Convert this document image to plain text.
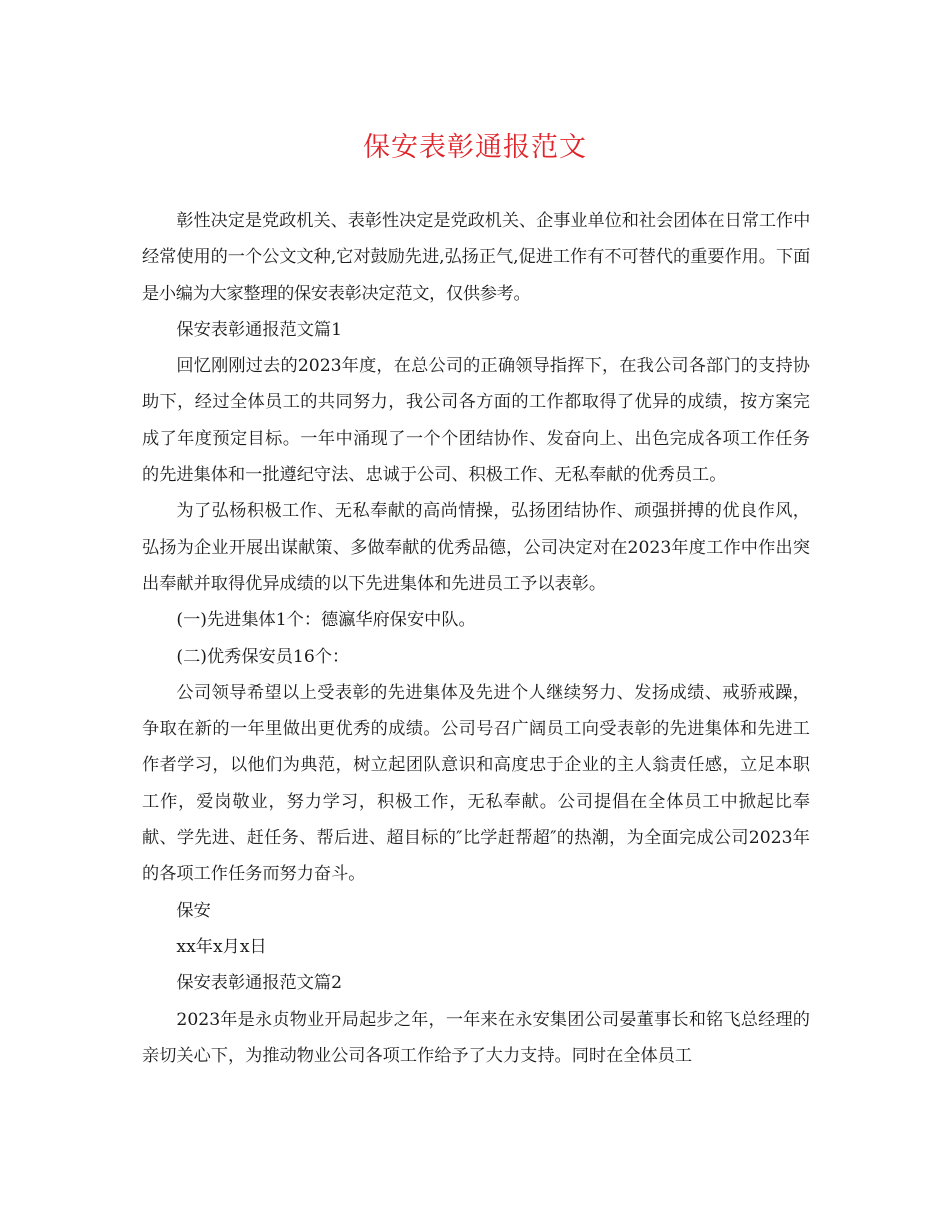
保安表彰通报范文

彰性决定是党政机关、表彰性决定是党政机关、企事业单位和社会团体在日常工作中经常使用的一个公文文种,它对鼓励先进,弘扬正气,促进工作有不可替代的重要作用。下面是小编为大家整理的保安表彰决定范文，仅供参考。

保安表彰通报范文篇1

回忆刚刚过去的2023年度，在总公司的正确领导指挥下，在我公司各部门的支持协助下，经过全体员工的共同努力，我公司各方面的工作都取得了优异的成绩，按方案完成了年度预定目标。一年中涌现了一个个团结协作、发奋向上、出色完成各项工作任务的先进集体和一批遵纪守法、忠诚于公司、积极工作、无私奉献的优秀员工。

为了弘杨积极工作、无私奉献的高尚情操，弘扬团结协作、顽强拼搏的优良作风，弘扬为企业开展出谋献策、多做奉献的优秀品德，公司决定对在2023年度工作中作出突出奉献并取得优异成绩的以下先进集体和先进员工予以表彰。

(一)先进集体1个：德瀛华府保安中队。

(二)优秀保安员16个：

公司领导希望以上受表彰的先进集体及先进个人继续努力、发扬成绩、戒骄戒躁，争取在新的一年里做出更优秀的成绩。公司号召广阔员工向受表彰的先进集体和先进工作者学习，以他们为典范，树立起团队意识和高度忠于企业的主人翁责任感，立足本职工作，爱岗敬业，努力学习，积极工作，无私奉献。公司提倡在全体员工中掀起比奉献、学先进、赶任务、帮后进、超目标的″比学赶帮超″的热潮，为全面完成公司2023年的各项工作任务而努力奋斗。

保安

xx年x月x日

保安表彰通报范文篇2

2023年是永贞物业开局起步之年，一年来在永安集团公司晏董事长和铭飞总经理的亲切关心下，为推动物业公司各项工作给予了大力支持。同时在全体员工
